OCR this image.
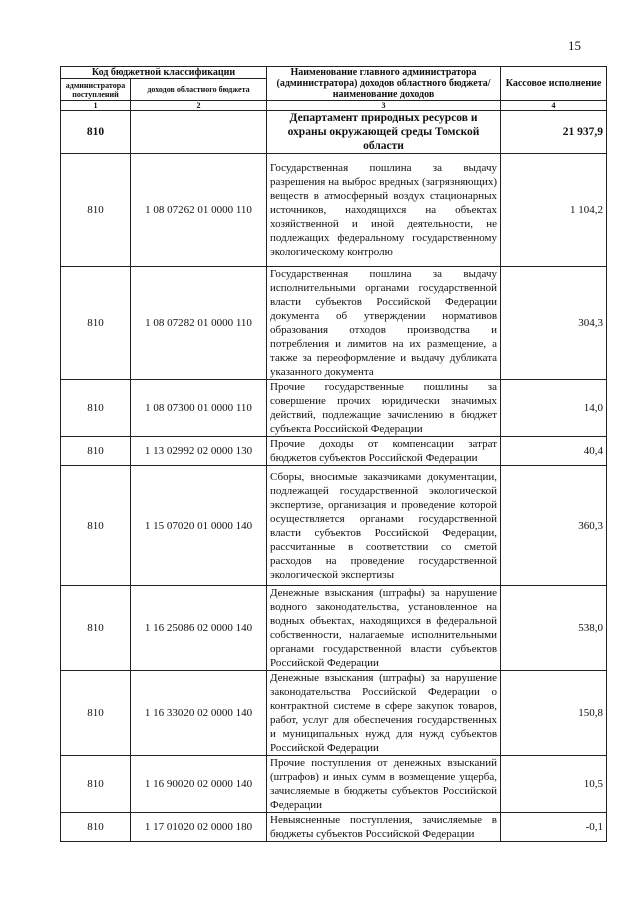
15
Код бюджетной классификации		Наименование главного администратора (администратора) доходов областного бюджета/ наименование доходов	Кассовое исполнение
администратора поступлений	доходов областного бюджета		
1	2	3	4
810		Департамент природных ресурсов и охраны окружающей среды Томской области	21 937,9
810	1 08 07262 01 0000 110	Государственная пошлина за выдачу разрешения на выброс вредных (загрязняющих) веществ в атмосферный воздух стационарных источников, находящихся на объектах хозяйственной и иной деятельности, не подлежащих федеральному государственному экологическому контролю	1 104,2
810	1 08 07282 01 0000 110	Государственная пошлина за выдачу исполнительными органами государственной власти субъектов Российской Федерации документа об утверждении нормативов образования отходов производства и потребления и лимитов на их размещение, а также за переоформление и выдачу дубликата указанного документа	304,3
810	1 08 07300 01 0000 110	Прочие государственные пошлины за совершение прочих юридически значимых действий, подлежащие зачислению в бюджет субъекта Российской Федерации	14,0
810	1 13 02992 02 0000 130	Прочие доходы от компенсации затрат бюджетов субъектов Российской Федерации	40,4
810	1 15 07020 01 0000 140	Сборы, вносимые заказчиками документации, подлежащей государственной экологической экспертизе, организация и проведение которой осуществляется органами государственной власти субъектов Российской Федерации, рассчитанные в соответствии со сметой расходов на проведение государственной экологической экспертизы	360,3
810	1 16 25086 02 0000 140	Денежные взыскания (штрафы) за нарушение водного законодательства, установленное на водных объектах, находящихся в федеральной собственности, налагаемые исполнительными органами государственной власти субъектов Российской Федерации	538,0
810	1 16 33020 02 0000 140	Денежные взыскания (штрафы) за нарушение законодательства Российской Федерации о контрактной системе в сфере закупок товаров, работ, услуг для обеспечения государственных и муниципальных нужд для нужд субъектов Российской Федерации	150,8
810	1 16 90020 02 0000 140	Прочие поступления от денежных взысканий (штрафов) и иных сумм в возмещение ущерба, зачисляемые в бюджеты субъектов Российской Федерации	10,5
810	1 17 01020 02 0000 180	Невыясненные поступления, зачисляемые в бюджеты субъектов Российской Федерации	-0,1
